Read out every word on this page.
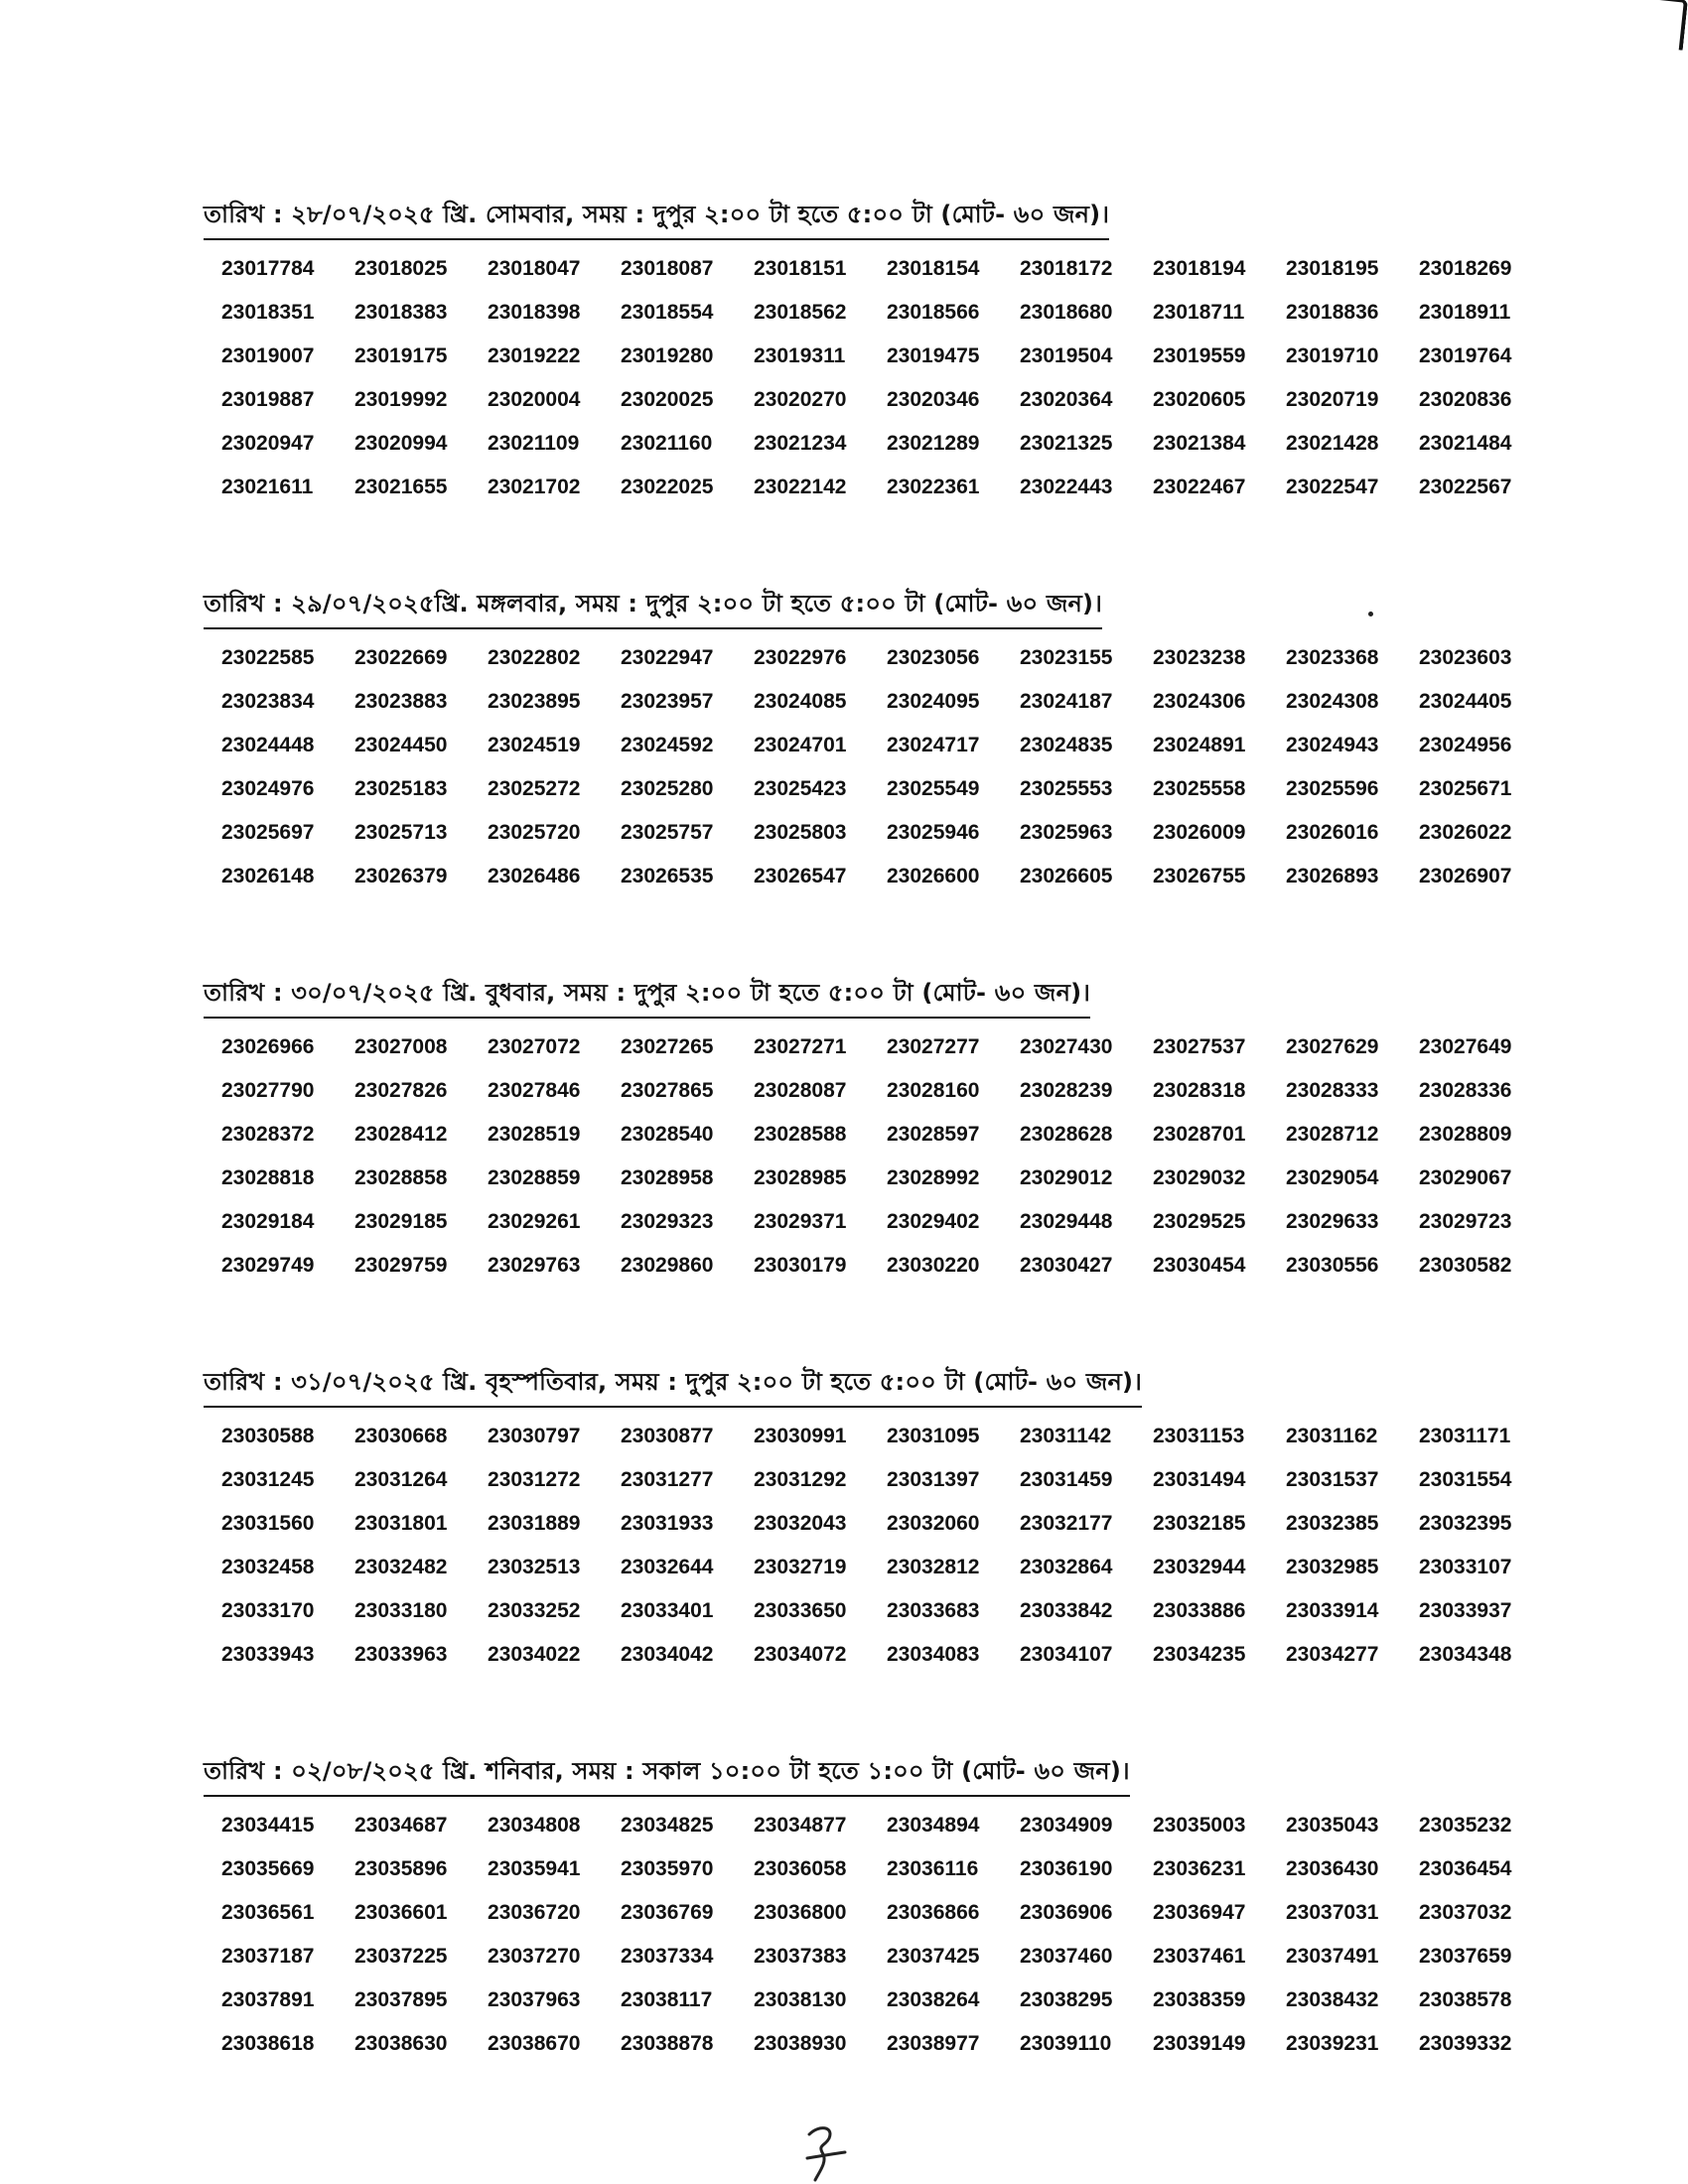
তারিখ : ২৮/০৭/২০২৫ খ্রি. সোমবার, সময় : দুপুর ২:০০ টা হতে ৫:০০ টা (মোট- ৬০ জন)।
23017784	23018025	23018047	23018087	23018151	23018154	23018172	23018194	23018195	23018269
23018351	23018383	23018398	23018554	23018562	23018566	23018680	23018711	23018836	23018911
23019007	23019175	23019222	23019280	23019311	23019475	23019504	23019559	23019710	23019764
23019887	23019992	23020004	23020025	23020270	23020346	23020364	23020605	23020719	23020836
23020947	23020994	23021109	23021160	23021234	23021289	23021325	23021384	23021428	23021484
23021611	23021655	23021702	23022025	23022142	23022361	23022443	23022467	23022547	23022567
তারিখ : ২৯/০৭/২০২৫খ্রি. মঙ্গলবার, সময় : দুপুর ২:০০ টা হতে ৫:০০ টা (মোট- ৬০ জন)।
23022585	23022669	23022802	23022947	23022976	23023056	23023155	23023238	23023368	23023603
23023834	23023883	23023895	23023957	23024085	23024095	23024187	23024306	23024308	23024405
23024448	23024450	23024519	23024592	23024701	23024717	23024835	23024891	23024943	23024956
23024976	23025183	23025272	23025280	23025423	23025549	23025553	23025558	23025596	23025671
23025697	23025713	23025720	23025757	23025803	23025946	23025963	23026009	23026016	23026022
23026148	23026379	23026486	23026535	23026547	23026600	23026605	23026755	23026893	23026907
তারিখ : ৩০/০৭/২০২৫ খ্রি. বুধবার, সময় : দুপুর ২:০০ টা হতে ৫:০০ টা (মোট- ৬০ জন)।
23026966	23027008	23027072	23027265	23027271	23027277	23027430	23027537	23027629	23027649
23027790	23027826	23027846	23027865	23028087	23028160	23028239	23028318	23028333	23028336
23028372	23028412	23028519	23028540	23028588	23028597	23028628	23028701	23028712	23028809
23028818	23028858	23028859	23028958	23028985	23028992	23029012	23029032	23029054	23029067
23029184	23029185	23029261	23029323	23029371	23029402	23029448	23029525	23029633	23029723
23029749	23029759	23029763	23029860	23030179	23030220	23030427	23030454	23030556	23030582
তারিখ : ৩১/০৭/২০২৫ খ্রি. বৃহস্পতিবার, সময় : দুপুর ২:০০ টা হতে ৫:০০ টা (মোট- ৬০ জন)।
23030588	23030668	23030797	23030877	23030991	23031095	23031142	23031153	23031162	23031171
23031245	23031264	23031272	23031277	23031292	23031397	23031459	23031494	23031537	23031554
23031560	23031801	23031889	23031933	23032043	23032060	23032177	23032185	23032385	23032395
23032458	23032482	23032513	23032644	23032719	23032812	23032864	23032944	23032985	23033107
23033170	23033180	23033252	23033401	23033650	23033683	23033842	23033886	23033914	23033937
23033943	23033963	23034022	23034042	23034072	23034083	23034107	23034235	23034277	23034348
তারিখ : ০২/০৮/২০২৫ খ্রি. শনিবার, সময় : সকাল ১০:০০ টা হতে ১:০০ টা (মোট- ৬০ জন)।
23034415	23034687	23034808	23034825	23034877	23034894	23034909	23035003	23035043	23035232
23035669	23035896	23035941	23035970	23036058	23036116	23036190	23036231	23036430	23036454
23036561	23036601	23036720	23036769	23036800	23036866	23036906	23036947	23037031	23037032
23037187	23037225	23037270	23037334	23037383	23037425	23037460	23037461	23037491	23037659
23037891	23037895	23037963	23038117	23038130	23038264	23038295	23038359	23038432	23038578
23038618	23038630	23038670	23038878	23038930	23038977	23039110	23039149	23039231	23039332
